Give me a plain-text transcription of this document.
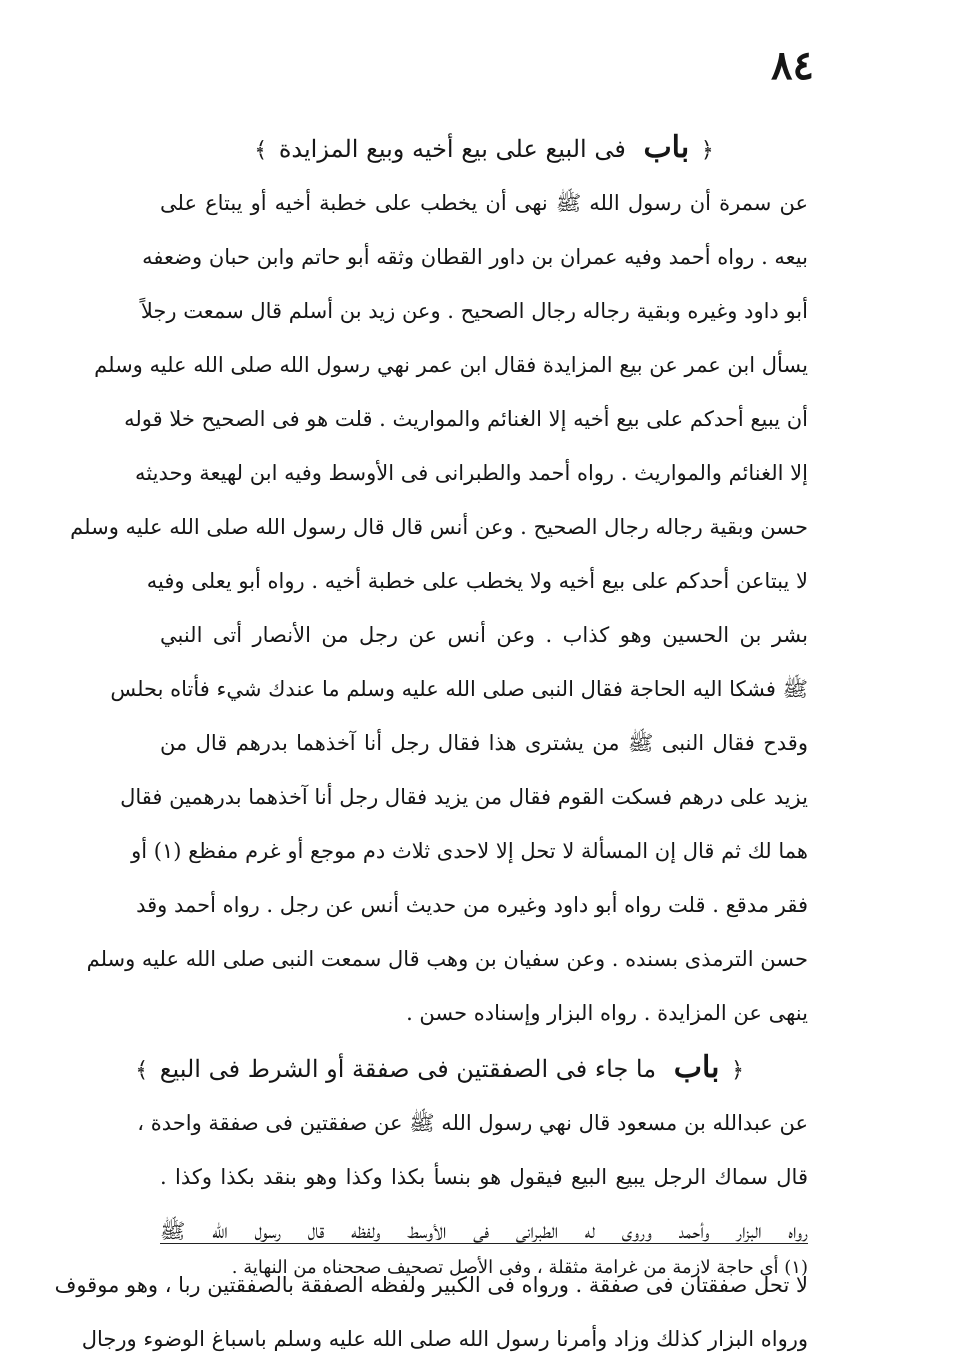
٨٤
﴿ باب فى البيع على بيع أخيه وبيع المزايدة ﴾
عن سمرة أن رسول الله ﷺ نهى أن يخطب على خطبة أخيه أو يبتاع على
بيعه . رواه أحمد وفيه عمران بن داور القطان وثقه أبو حاتم وابن حبان وضعفه
أبو داود وغيره وبقية رجاله رجال الصحيح . وعن زيد بن أسلم قال سمعت رجلاً
يسأل ابن عمر عن بيع المزايدة فقال ابن عمر نهي رسول الله صلى الله عليه وسلم
أن يبيع أحدكم على بيع أخيه إلا الغنائم والمواريث . قلت هو فى الصحيح خلا قوله
إلا الغنائم والمواريث . رواه أحمد والطبرانى فى الأوسط وفيه ابن لهيعة وحديثه
حسن وبقية رجاله رجال الصحيح . وعن أنس قال قال رسول الله صلى الله عليه وسلم
لا يبتاعن أحدكم على بيع أخيه ولا يخطب على خطبة أخيه . رواه أبو يعلى وفيه
بشر بن الحسين وهو كذاب . وعن أنس عن رجل من الأنصار أتى النبي
ﷺ فشكا اليه الحاجة فقال النبى صلى الله عليه وسلم ما عندك شيء فأتاه بحلس
وقدح فقال النبى ﷺ من يشترى هذا فقال رجل أنا آخذهما بدرهم قال من
يزيد على درهم فسكت القوم فقال من يزيد فقال رجل أنا آخذهما بدرهمين فقال
هما لك ثم قال إن المسألة لا تحل إلا لاحدى ثلاث دم موجع أو غرم مفظع (١) أو
فقر مدقع . قلت رواه أبو داود وغيره من حديث أنس عن رجل . رواه أحمد وقد
حسن الترمذى بسنده . وعن سفيان بن وهب قال سمعت النبى صلى الله عليه وسلم
ينهى عن المزايدة . رواه البزار وإسناده حسن .
﴿ باب ما جاء فى الصفقتين فى صفقة أو الشرط فى البيع ﴾
عن عبدالله بن مسعود قال نهي رسول الله ﷺ عن صفقتين فى صفقة واحدة ،
قال سماك الرجل يبيع البيع فيقول هو بنسأ بكذا وكذا وهو بنقد بكذا وكذا .
رواه البزار وأحمد وروى له الطبرانى فى الأوسط ولفظه قال رسول الله ﷺ
لا تحل صفقتان فى صفقة . ورواه فى الكبير ولفظه الصفقة بالصفقتين ربا ، وهو موقوف
ورواه البزار كذلك وزاد وأمرنا رسول الله صلى الله عليه وسلم باسباغ الوضوء ورجال
(١) أى حاجة لازمة من غرامة مثقلة ، وفى الأصل تصحيف صححناه من النهاية .
